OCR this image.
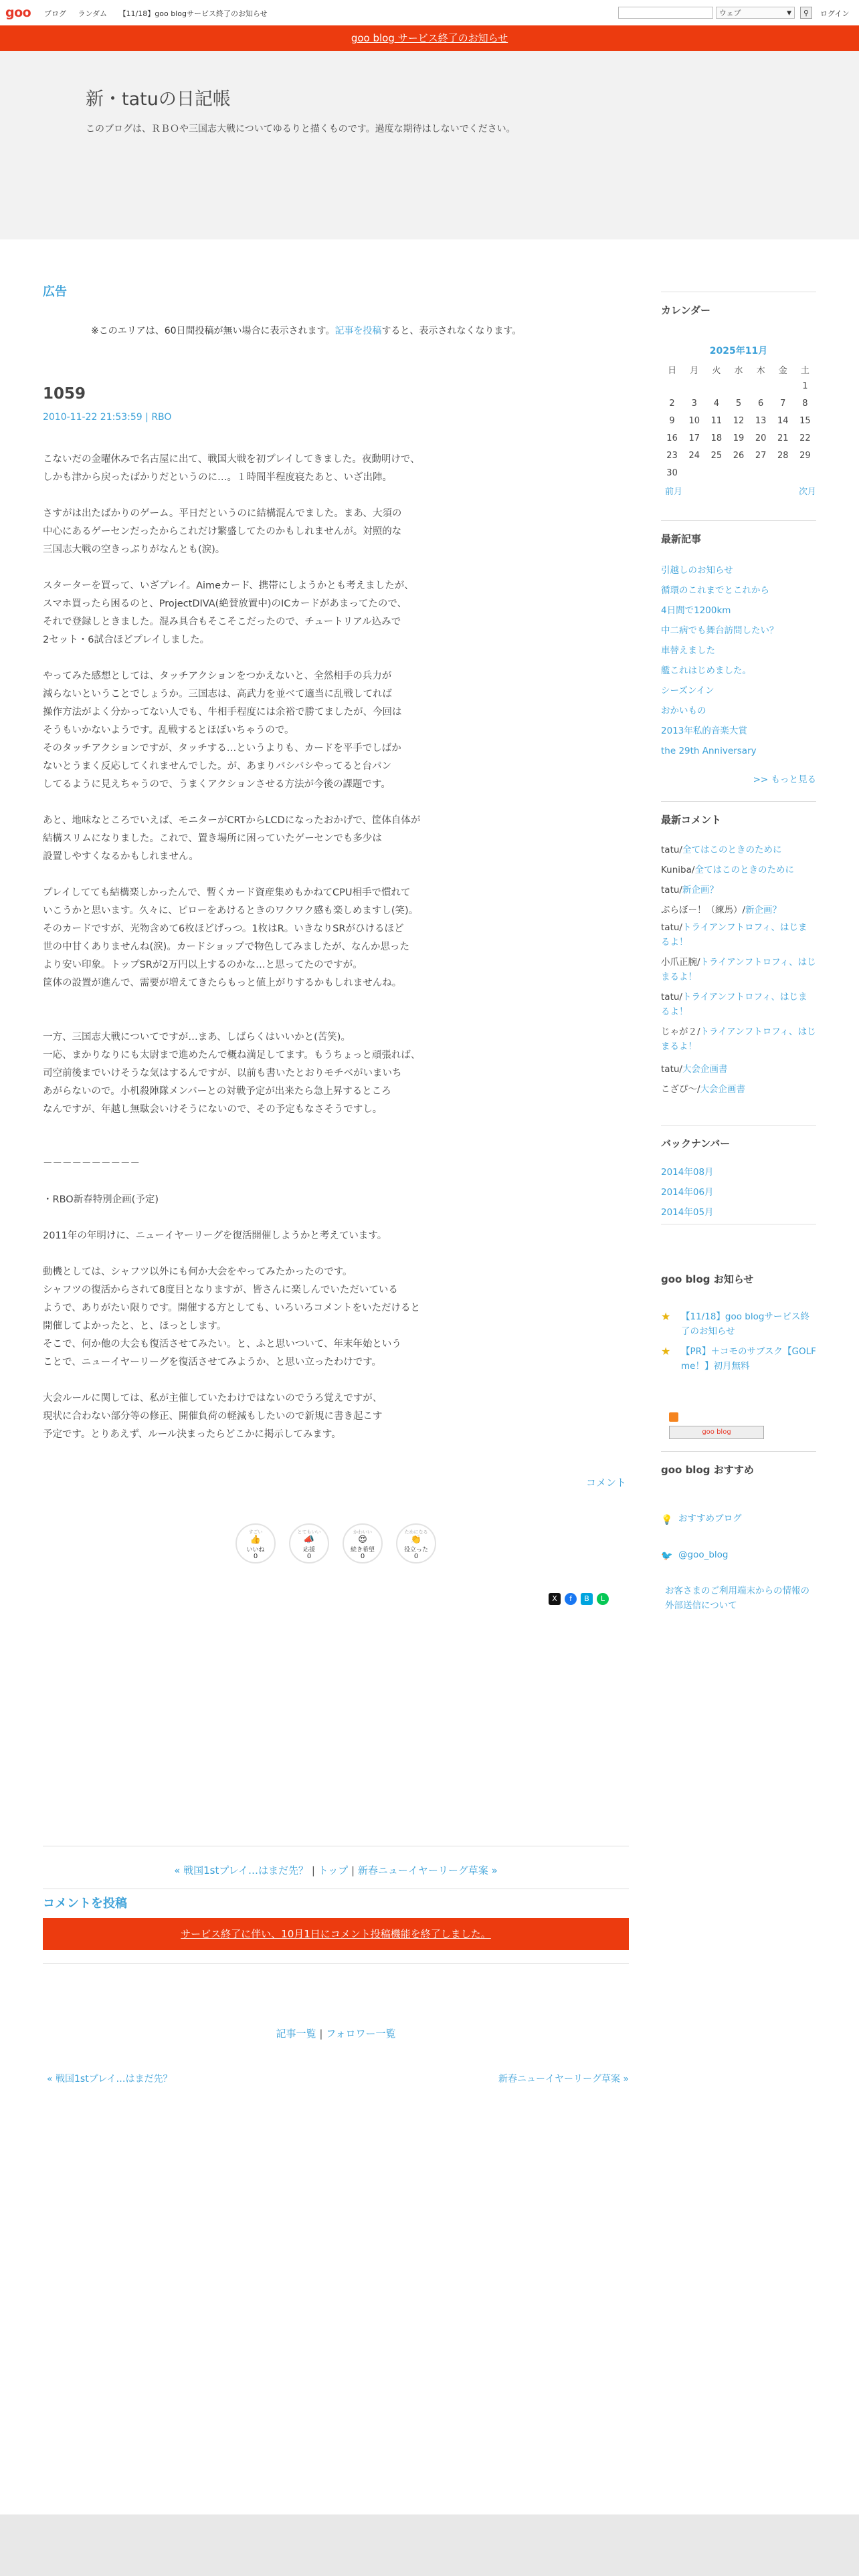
goo ブログ ランダム 【11/18】goo blogサービス終了のお知らせ	ウェブ	▼	⚲	ログイン
goo blog サービス終了のお知らせ
新・tatuの日記帳
このブログは、ＲＢＯや三国志大戦についてゆるりと描くものです。過度な期待はしないでください。
広告
※このエリアは、60日間投稿が無い場合に表示されます。記事を投稿すると、表示されなくなります。
1059
2010-11-22 21:53:59 | RBO

こないだの金曜休みで名古屋に出て、戦国大戦を初プレイしてきました。夜動明けで、
しかも津から戻ったばかりだというのに…。１時間半程度寝たあと、いざ出陣。

さすがは出たばかりのゲーム。平日だというのに結構混んでました。まあ、大須の
中心にあるゲーセンだったからこれだけ繁盛してたのかもしれませんが。対照的な
三国志大戦の空きっぷりがなんとも(涙)。

スターターを買って、いざプレイ。Aimeカード、携帯にしようかとも考えましたが、
スマホ買ったら困るのと、ProjectDIVA(絶賛放置中)のICカードがあまってたので、
それで登録しときました。混み具合もそこそこだったので、チュートリアル込みで
2セット・6試合ほどプレイしました。

やってみた感想としては、タッチアクションをつかえないと、全然相手の兵力が
減らないということでしょうか。三国志は、高武力を並べて適当に乱戦してれば
操作方法がよく分かってない人でも、牛相手程度には余裕で勝てましたが、今回は
そうもいかないようです。乱戦するとほぼいちゃうので。
そのタッチアクションですが、タッチする…というよりも、カードを平手でしばか
ないとうまく反応してくれませんでした。が、あまりバシバシやってると台パン
してるように見えちゃうので、うまくアクションさせる方法が今後の課題です。

あと、地味なところでいえば、モニターがCRTからLCDになったおかげで、筐体自体が
結構スリムになりました。これで、置き場所に困っていたゲーセンでも多少は
設置しやすくなるかもしれません。

プレイしてても結構楽しかったんで、暫くカード資産集めもかねてCPU相手で慣れて
いこうかと思います。久々に、ピローをあけるときのワクワク感も楽しめますし(笑)。
そのカードですが、光物含めて6枚ほどげっつ。1枚はR。いきなりSRがひけるほど
世の中甘くありませんね(涙)。カードショップで物色してみましたが、なんか思った
より安い印象。トップSRが2万円以上するのかな…と思ってたのですが。
筐体の設置が進んで、需要が増えてきたらもっと値上がりするかもしれませんね。

一方、三国志大戦についてですが…まあ、しばらくはいいかと(苦笑)。
一応、まかりなりにも太尉まで進めたんで概ね満足してます。もうちょっと頑張れば、
司空前後までいけそうな気はするんですが、以前も書いたとおりモチベがいまいち
あがらないので。小机殺陣隊メンバーとの対戦予定が出来たら急上昇するところ
なんですが、年越し無駄会いけそうにないので、その予定もなさそうですし。

－－－－－－－－－－

・RBO新春特別企画(予定)

2011年の年明けに、ニューイヤーリーグを復活開催しようかと考えています。

動機としては、シャフツ以外にも何か大会をやってみたかったのです。
シャフツの復活からされて8度目となりますが、皆さんに楽しんでいただいている
ようで、ありがたい限りです。開催する方としても、いろいろコメントをいただけると
開催してよかったと、と、ほっとします。
そこで、何か他の大会も復活させてみたい。と、ふと思いついて、年末年始という
ことで、ニューイヤーリーグを復活させてみようか、と思い立ったわけです。

大会ルールに関しては、私が主催していたわけではないのでうろ覚えですが、
現状に合わない部分等の修正、開催負荷の軽減もしたいので新規に書き起こす
予定です。とりあえず、ルール決まったらどこかに掲示してみます。

コメント
すごい
👍
いいね
0
とてもいい
📣
応援
0
かわいい
😍
続き希望
0
ためになる
👏
役立った
0
X	f	B	L
« 戦国1stプレイ…はまだ先？ | トップ | 新春ニューイヤーリーグ草案 »
コメントを投稿
サービス終了に伴い、10月1日にコメント投稿機能を終了しました。
記事一覧 | フォロワー一覧
« 戦国1stプレイ…はまだ先？	新春ニューイヤーリーグ草案 »
カレンダー
2025年11月
日	月	火	水	木	金	土
						1
2	3	4	5	6	7	8
9	10	11	12	13	14	15
16	17	18	19	20	21	22
23	24	25	26	27	28	29
30						
前月	次月
最新記事
引越しのお知らせ
循環のこれまでとこれから
4日間で1200km
中二病でも舞台訪問したい？
車替えました
艦これはじめました。
シーズンイン
おかいもの
2013年私的音楽大賞
the 29th Anniversary
>> もっと見る
最新コメント
tatu/全てはこのときのために
Kuniba/全てはこのときのために
tatu/新企画？
ぷらぼー！（練馬）/新企画？
tatu/トライアンフトロフィ、はじまるよ！
小爪正腕/トライアンフトロフィ、はじまるよ！
tatu/トライアンフトロフィ、はじまるよ！
じゃが２/トライアンフトロフィ、はじまるよ！
tatu/大会企画書
こざぴ～/大会企画書
バックナンバー
2014年08月
2014年06月
2014年05月
goo blog お知らせ
★ 【11/18】goo blogサービス終了のお知らせ
★ 【PR】＋コモのサブスク【GOLF me！】初月無料
goo blog
goo blog おすすめ
💡 おすすめブログ
🐦 @goo_blog
お客さまのご利用端末からの情報の外部送信について
